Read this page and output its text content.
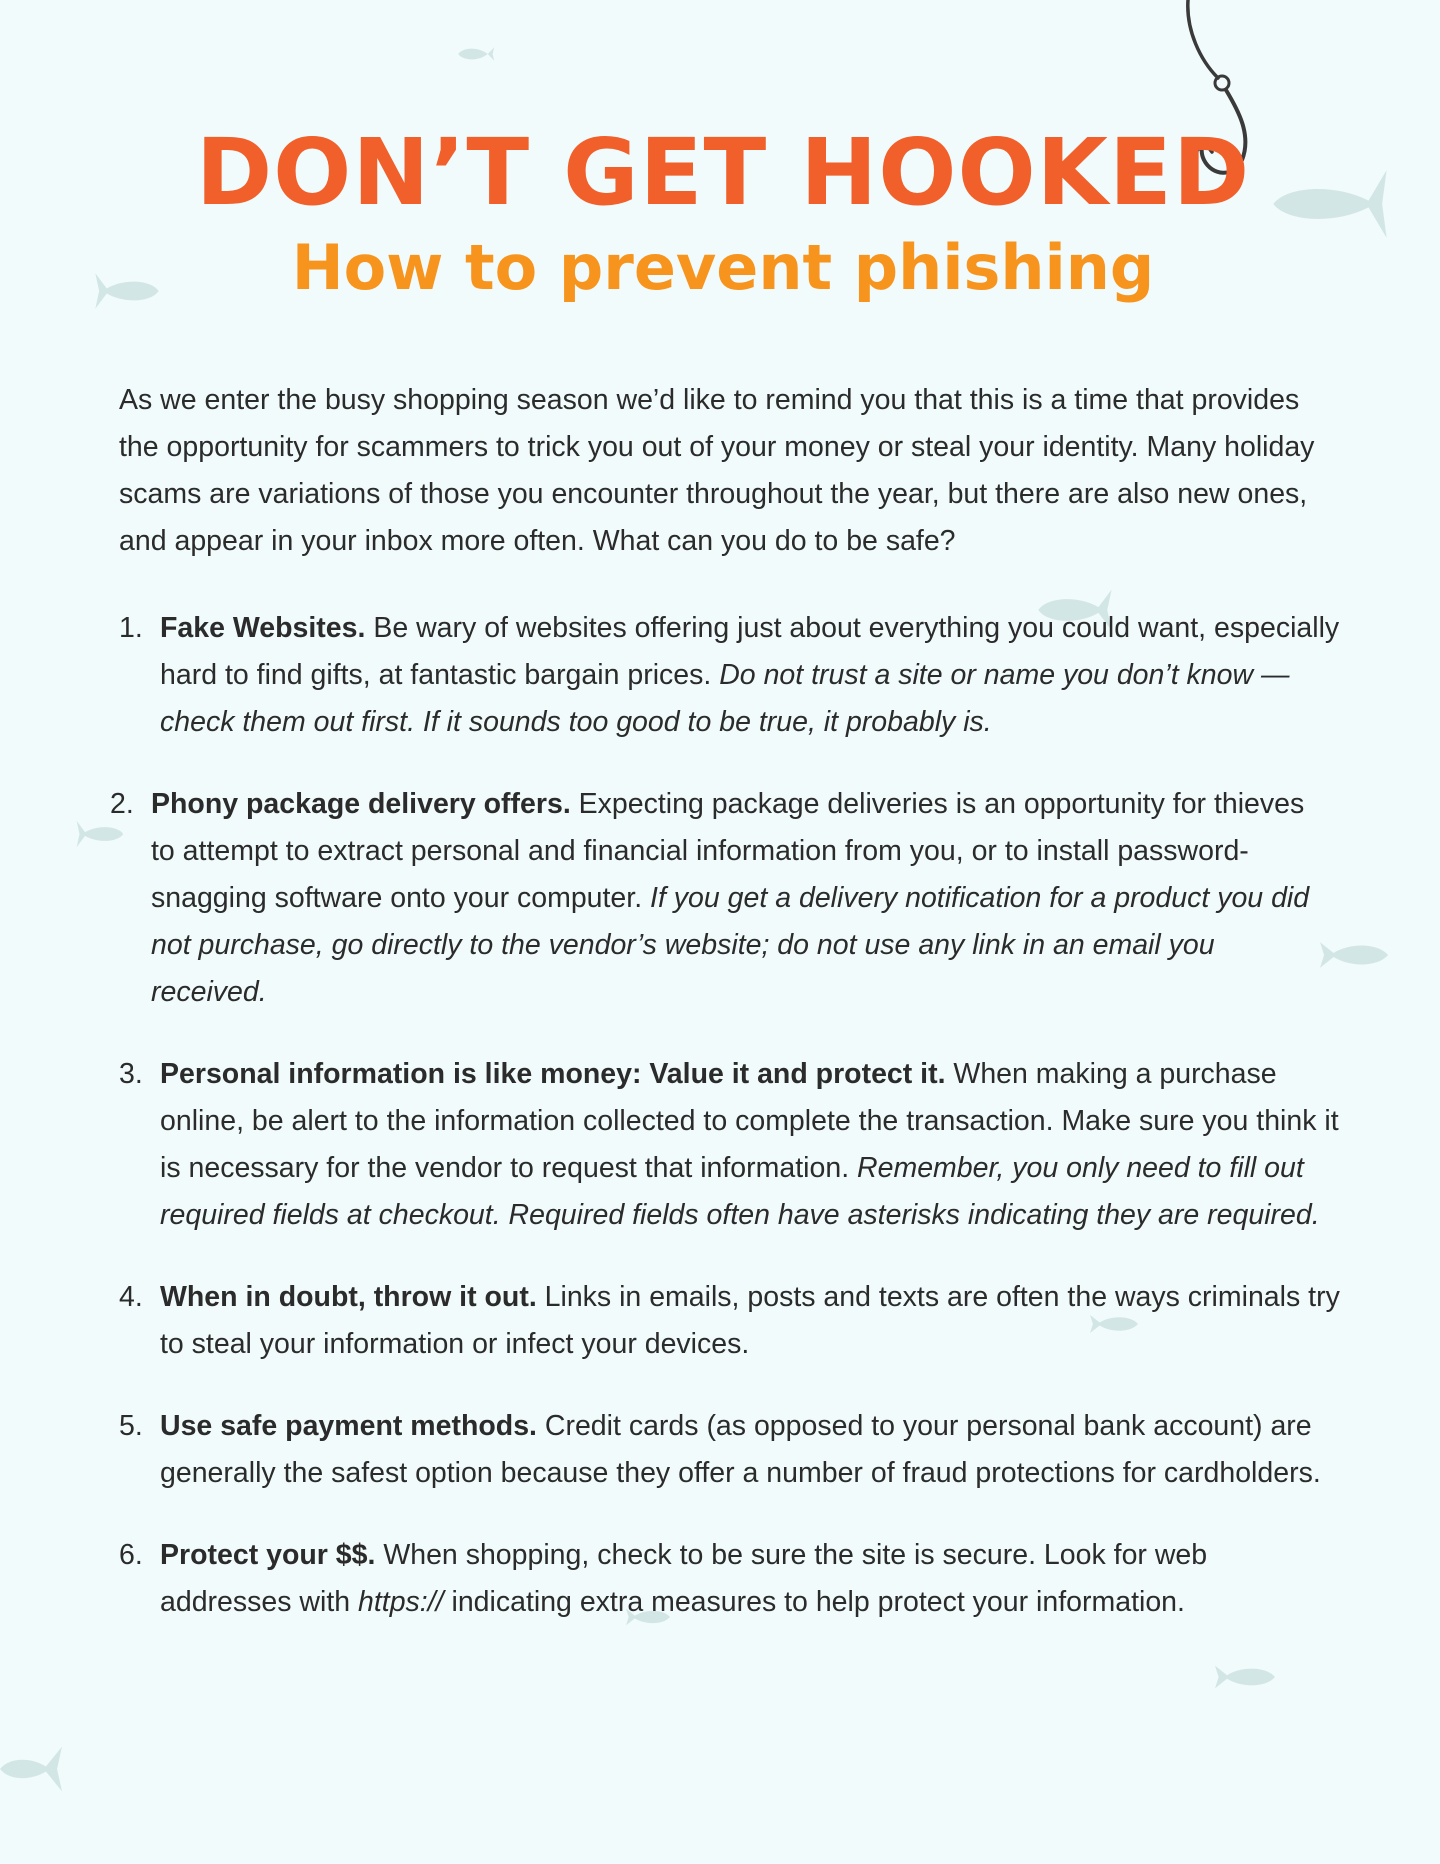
DON’T GET HOOKED
How to prevent phishing

As we enter the busy shopping season we’d like to remind you that this is a time that provides the opportunity for scammers to trick you out of your money or steal your identity. Many holiday scams are variations of those you encounter throughout the year, but there are also new ones, and appear in your inbox more often. What can you do to be safe?

1. Fake Websites. Be wary of websites offering just about everything you could want, especially hard to find gifts, at fantastic bargain prices. Do not trust a site or name you don’t know — check them out first. If it sounds too good to be true, it probably is.
2. Phony package delivery offers. Expecting package deliveries is an opportunity for thieves to attempt to extract personal and financial information from you, or to install password-snagging software onto your computer. If you get a delivery notification for a product you did not purchase, go directly to the vendor’s website; do not use any link in an email you received.
3. Personal information is like money: Value it and protect it. When making a purchase online, be alert to the information collected to complete the transaction. Make sure you think it is necessary for the vendor to request that information. Remember, you only need to fill out required fields at checkout. Required fields often have asterisks indicating they are required.
4. When in doubt, throw it out. Links in emails, posts and texts are often the ways criminals try to steal your information or infect your devices.
5. Use safe payment methods. Credit cards (as opposed to your personal bank account) are generally the safest option because they offer a number of fraud protections for cardholders.
6. Protect your $$. When shopping, check to be sure the site is secure. Look for web addresses with https:// indicating extra measures to help protect your information.
